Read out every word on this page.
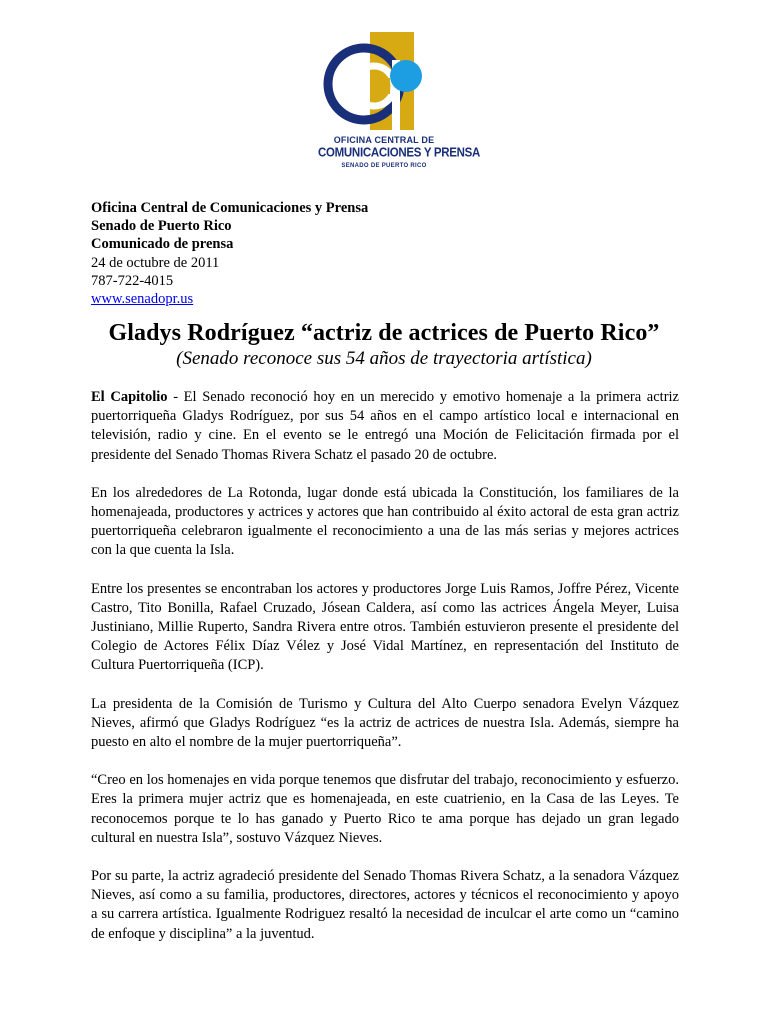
OFICINA CENTRAL DE
COMUNICACIONES Y PRENSA
SENADO DE PUERTO RICO
Oficina Central de Comunicaciones y Prensa
Senado de Puerto Rico
Comunicado de prensa
24 de octubre de 2011
787-722-4015
www.senadopr.us
Gladys Rodríguez “actriz de actrices de Puerto Rico”
(Senado reconoce sus 54 años de trayectoria artística)

El Capitolio - El Senado reconoció hoy en un merecido y emotivo homenaje a la primera actriz puertorriqueña Gladys Rodríguez, por sus 54 años en el campo artístico local e internacional en televisión, radio y cine. En el evento se le entregó una Moción de Felicitación firmada por el presidente del Senado Thomas Rivera Schatz el pasado 20 de octubre.

En los alrededores de La Rotonda, lugar donde está ubicada la Constitución, los familiares de la homenajeada, productores y actrices y actores que han contribuido al éxito actoral de esta gran actriz puertorriqueña celebraron igualmente el reconocimiento a una de las más serias y mejores actrices con la que cuenta la Isla.

Entre los presentes se encontraban los actores y productores Jorge Luis Ramos, Joffre Pérez, Vicente Castro, Tito Bonilla, Rafael Cruzado, Jósean Caldera, así como las actrices Ángela Meyer, Luisa Justiniano, Millie Ruperto, Sandra Rivera entre otros. También estuvieron presente el presidente del Colegio de Actores Félix Díaz Vélez y José Vidal Martínez, en representación del Instituto de Cultura Puertorriqueña (ICP).

La presidenta de la Comisión de Turismo y Cultura del Alto Cuerpo senadora Evelyn Vázquez Nieves, afirmó que Gladys Rodríguez “es la actriz de actrices de nuestra Isla. Además, siempre ha puesto en alto el nombre de la mujer puertorriqueña”.

“Creo en los homenajes en vida porque tenemos que disfrutar del trabajo, reconocimiento y esfuerzo. Eres la primera mujer actriz que es homenajeada, en este cuatrienio, en la Casa de las Leyes. Te reconocemos porque te lo has ganado y Puerto Rico te ama porque has dejado un gran legado cultural en nuestra Isla”, sostuvo Vázquez Nieves.

Por su parte, la actriz agradeció presidente del Senado Thomas Rivera Schatz, a la senadora Vázquez Nieves, así como a su familia, productores, directores, actores y técnicos el reconocimiento y apoyo a su carrera artística. Igualmente Rodriguez resaltó la necesidad de inculcar el arte como un “camino de enfoque y disciplina” a la juventud.
